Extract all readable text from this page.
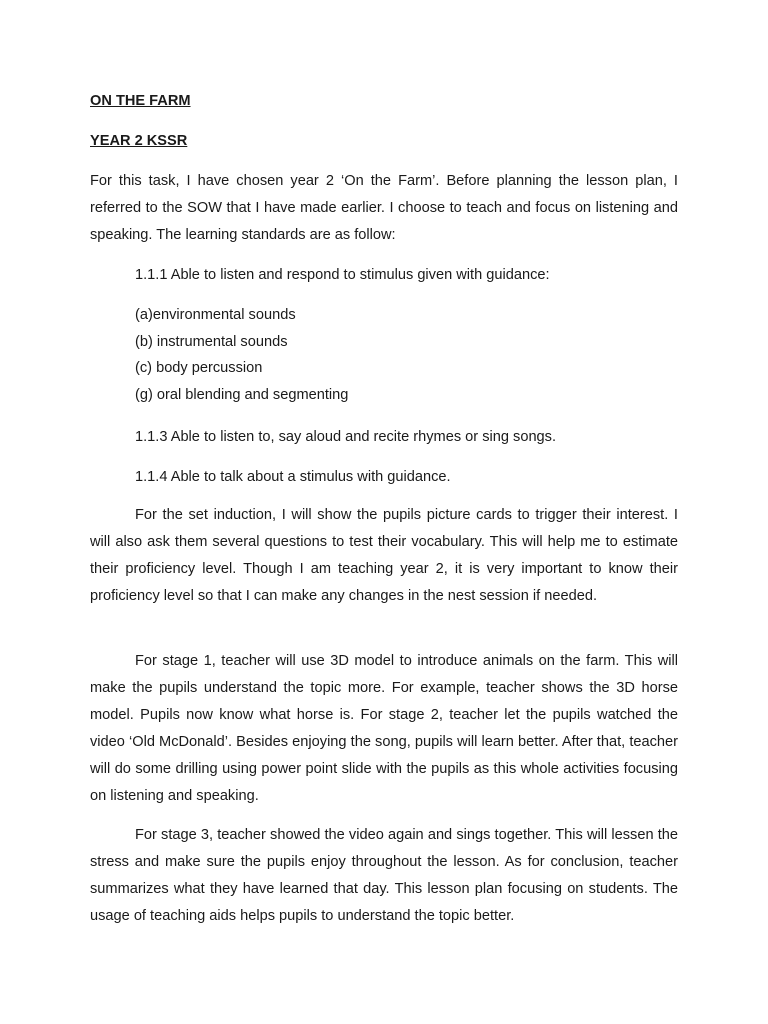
ON THE FARM
YEAR 2 KSSR

For this task, I have chosen year 2 ‘On the Farm’. Before planning the lesson plan, I referred to the SOW that I have made earlier. I choose to teach and focus on listening and speaking. The learning standards are as follow:

1.1.1 Able to listen and respond to stimulus given with guidance:
(a)environmental sounds
(b) instrumental sounds
(c) body percussion
(g) oral blending and segmenting
1.1.3 Able to listen to, say aloud and recite rhymes or sing songs.
1.1.4 Able to talk about a stimulus with guidance.

For the set induction, I will show the pupils picture cards to trigger their interest. I will also ask them several questions to test their vocabulary. This will help me to estimate their proficiency level. Though I am teaching year 2, it is very important to know their proficiency level so that I can make any changes in the nest session if needed.

For stage 1, teacher will use 3D model to introduce animals on the farm. This will make the pupils understand the topic more. For example, teacher shows the 3D horse model. Pupils now know what horse is. For stage 2, teacher let the pupils watched the video ‘Old McDonald’. Besides enjoying the song, pupils will learn better. After that, teacher will do some drilling using power point slide with the pupils as this whole activities focusing on listening and speaking.

For stage 3, teacher showed the video again and sings together. This will lessen the stress and make sure the pupils enjoy throughout the lesson. As for conclusion, teacher summarizes what they have learned that day. This lesson plan focusing on students. The usage of teaching aids helps pupils to understand the topic better.
